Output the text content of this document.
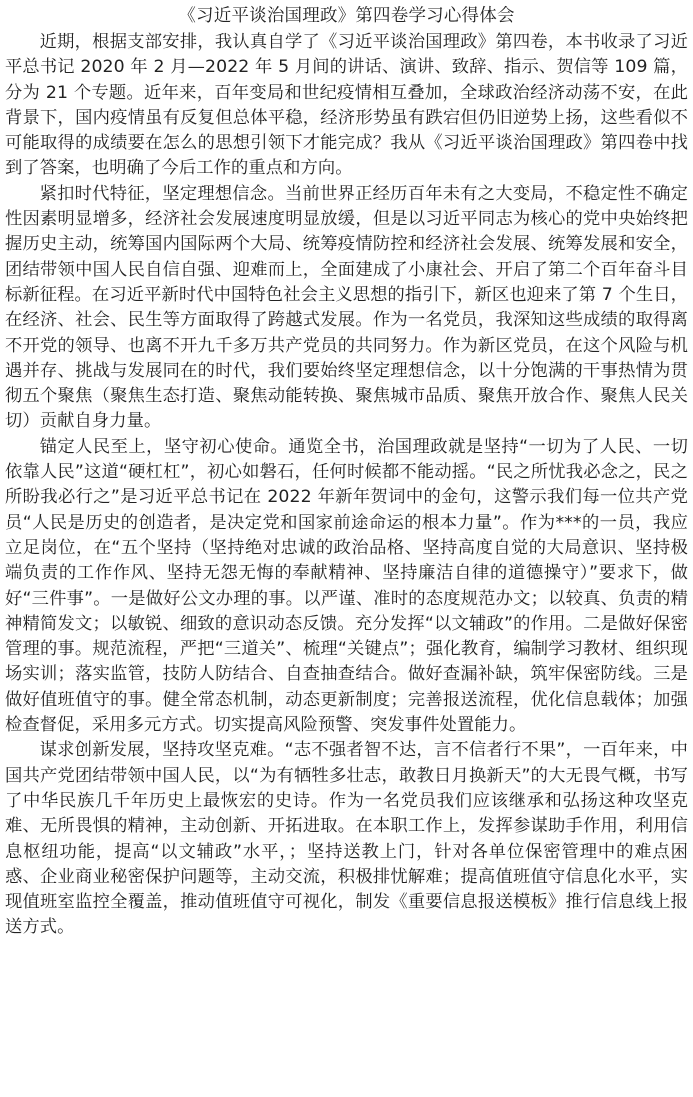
《习近平谈治国理政》第四卷学习心得体会

近期，根据支部安排，我认真自学了《习近平谈治国理政》第四卷，本书收录了习近平总书记 2020 年 2 月—2022 年 5 月间的讲话、演讲、致辞、指示、贺信等 109 篇，分为 21 个专题。近年来，百年变局和世纪疫情相互叠加，全球政治经济动荡不安，在此背景下，国内疫情虽有反复但总体平稳，经济形势虽有跌宕但仍旧逆势上扬，这些看似不可能取得的成绩要在怎么的思想引领下才能完成？我从《习近平谈治国理政》第四卷中找到了答案，也明确了今后工作的重点和方向。

紧扣时代特征，坚定理想信念。当前世界正经历百年未有之大变局，不稳定性不确定性因素明显增多，经济社会发展速度明显放缓，但是以习近平同志为核心的党中央始终把握历史主动，统筹国内国际两个大局、统筹疫情防控和经济社会发展、统筹发展和安全，团结带领中国人民自信自强、迎难而上，全面建成了小康社会、开启了第二个百年奋斗目标新征程。在习近平新时代中国特色社会主义思想的指引下，新区也迎来了第 7 个生日，在经济、社会、民生等方面取得了跨越式发展。作为一名党员，我深知这些成绩的取得离不开党的领导、也离不开九千多万共产党员的共同努力。作为新区党员，在这个风险与机遇并存、挑战与发展同在的时代，我们要始终坚定理想信念，以十分饱满的干事热情为贯彻五个聚焦（聚焦生态打造、聚焦动能转换、聚焦城市品质、聚焦开放合作、聚焦人民关切）贡献自身力量。

锚定人民至上，坚守初心使命。通览全书，治国理政就是坚持“一切为了人民、一切依靠人民”这道“硬杠杠”，初心如磐石，任何时候都不能动摇。“民之所忧我必念之，民之所盼我必行之”是习近平总书记在 2022 年新年贺词中的金句，这警示我们每一位共产党员“人民是历史的创造者，是决定党和国家前途命运的根本力量”。作为***的一员，我应立足岗位，在“五个坚持（坚持绝对忠诚的政治品格、坚持高度自觉的大局意识、坚持极端负责的工作作风、坚持无怨无悔的奉献精神、坚持廉洁自律的道德操守）”要求下，做好“三件事”。一是做好公文办理的事。以严谨、准时的态度规范办文；以较真、负责的精神精简发文；以敏锐、细致的意识动态反馈。充分发挥“以文辅政”的作用。二是做好保密管理的事。规范流程，严把“三道关”、梳理“关键点”；强化教育，编制学习教材、组织现场实训；落实监管，技防人防结合、自查抽查结合。做好查漏补缺，筑牢保密防线。三是做好值班值守的事。健全常态机制，动态更新制度；完善报送流程，优化信息载体；加强检查督促，采用多元方式。切实提高风险预警、突发事件处置能力。

谋求创新发展，坚持攻坚克难。“志不强者智不达，言不信者行不果”，一百年来，中国共产党团结带领中国人民，以“为有牺牲多壮志，敢教日月换新天”的大无畏气概，书写了中华民族几千年历史上最恢宏的史诗。作为一名党员我们应该继承和弘扬这种攻坚克难、无所畏惧的精神，主动创新、开拓进取。在本职工作上，发挥参谋助手作用，利用信息枢纽功能，提高“以文辅政”水平，；坚持送教上门，针对各单位保密管理中的难点困惑、企业商业秘密保护问题等，主动交流，积极排忧解难；提高值班值守信息化水平，实现值班室监控全覆盖，推动值班值守可视化，制发《重要信息报送模板》推行信息线上报送方式。
